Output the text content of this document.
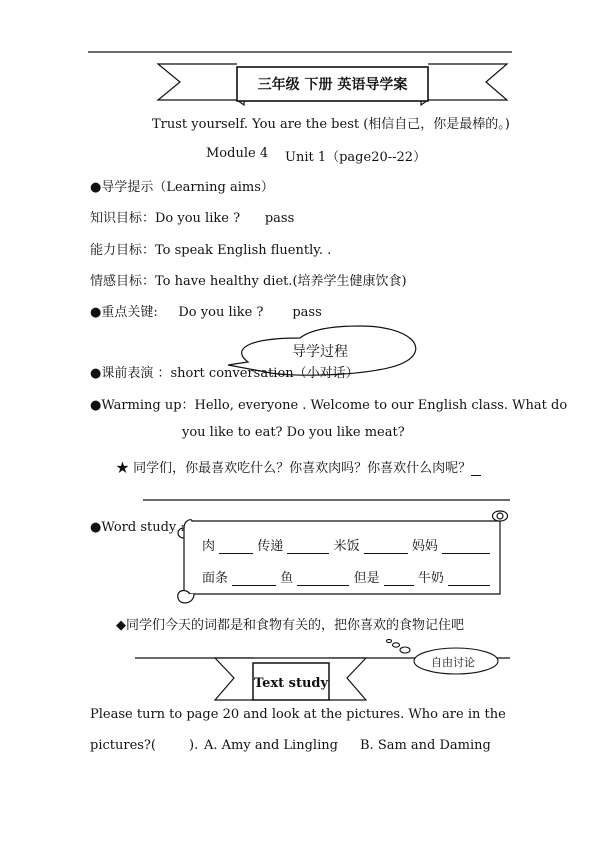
三年级 下册 英语导学案
Trust yourself. You are the best (相信自己，你是最棒的。)
Module 4 Unit 1（page20--22）
●导学提示（Learning aims）
知识目标：Do you like ?      pass
能力目标：To speak English fluently. .
情感目标：To have healthy diet.(培养学生健康饮食)
●重点关键:     Do you like ?       pass
导学过程
●课前表演 ：short conversation（小对话）
●Warming up：Hello, everyone . Welcome to our English class. What do
you like to eat? Do you like meat?
★ 同学们，你最喜欢吃什么？你喜欢肉吗？你喜欢什么肉呢？
●Word study :
肉	传递	米饭	妈妈
面条	鱼	但是	牛奶
◆同学们今天的词都是和食物有关的，把你喜欢的食物记住吧
自由讨论
Text study
Please turn to page 20 and look at the pictures. Who are in the
pictures?(        ). A. Amy and Lingling B. Sam and Daming
